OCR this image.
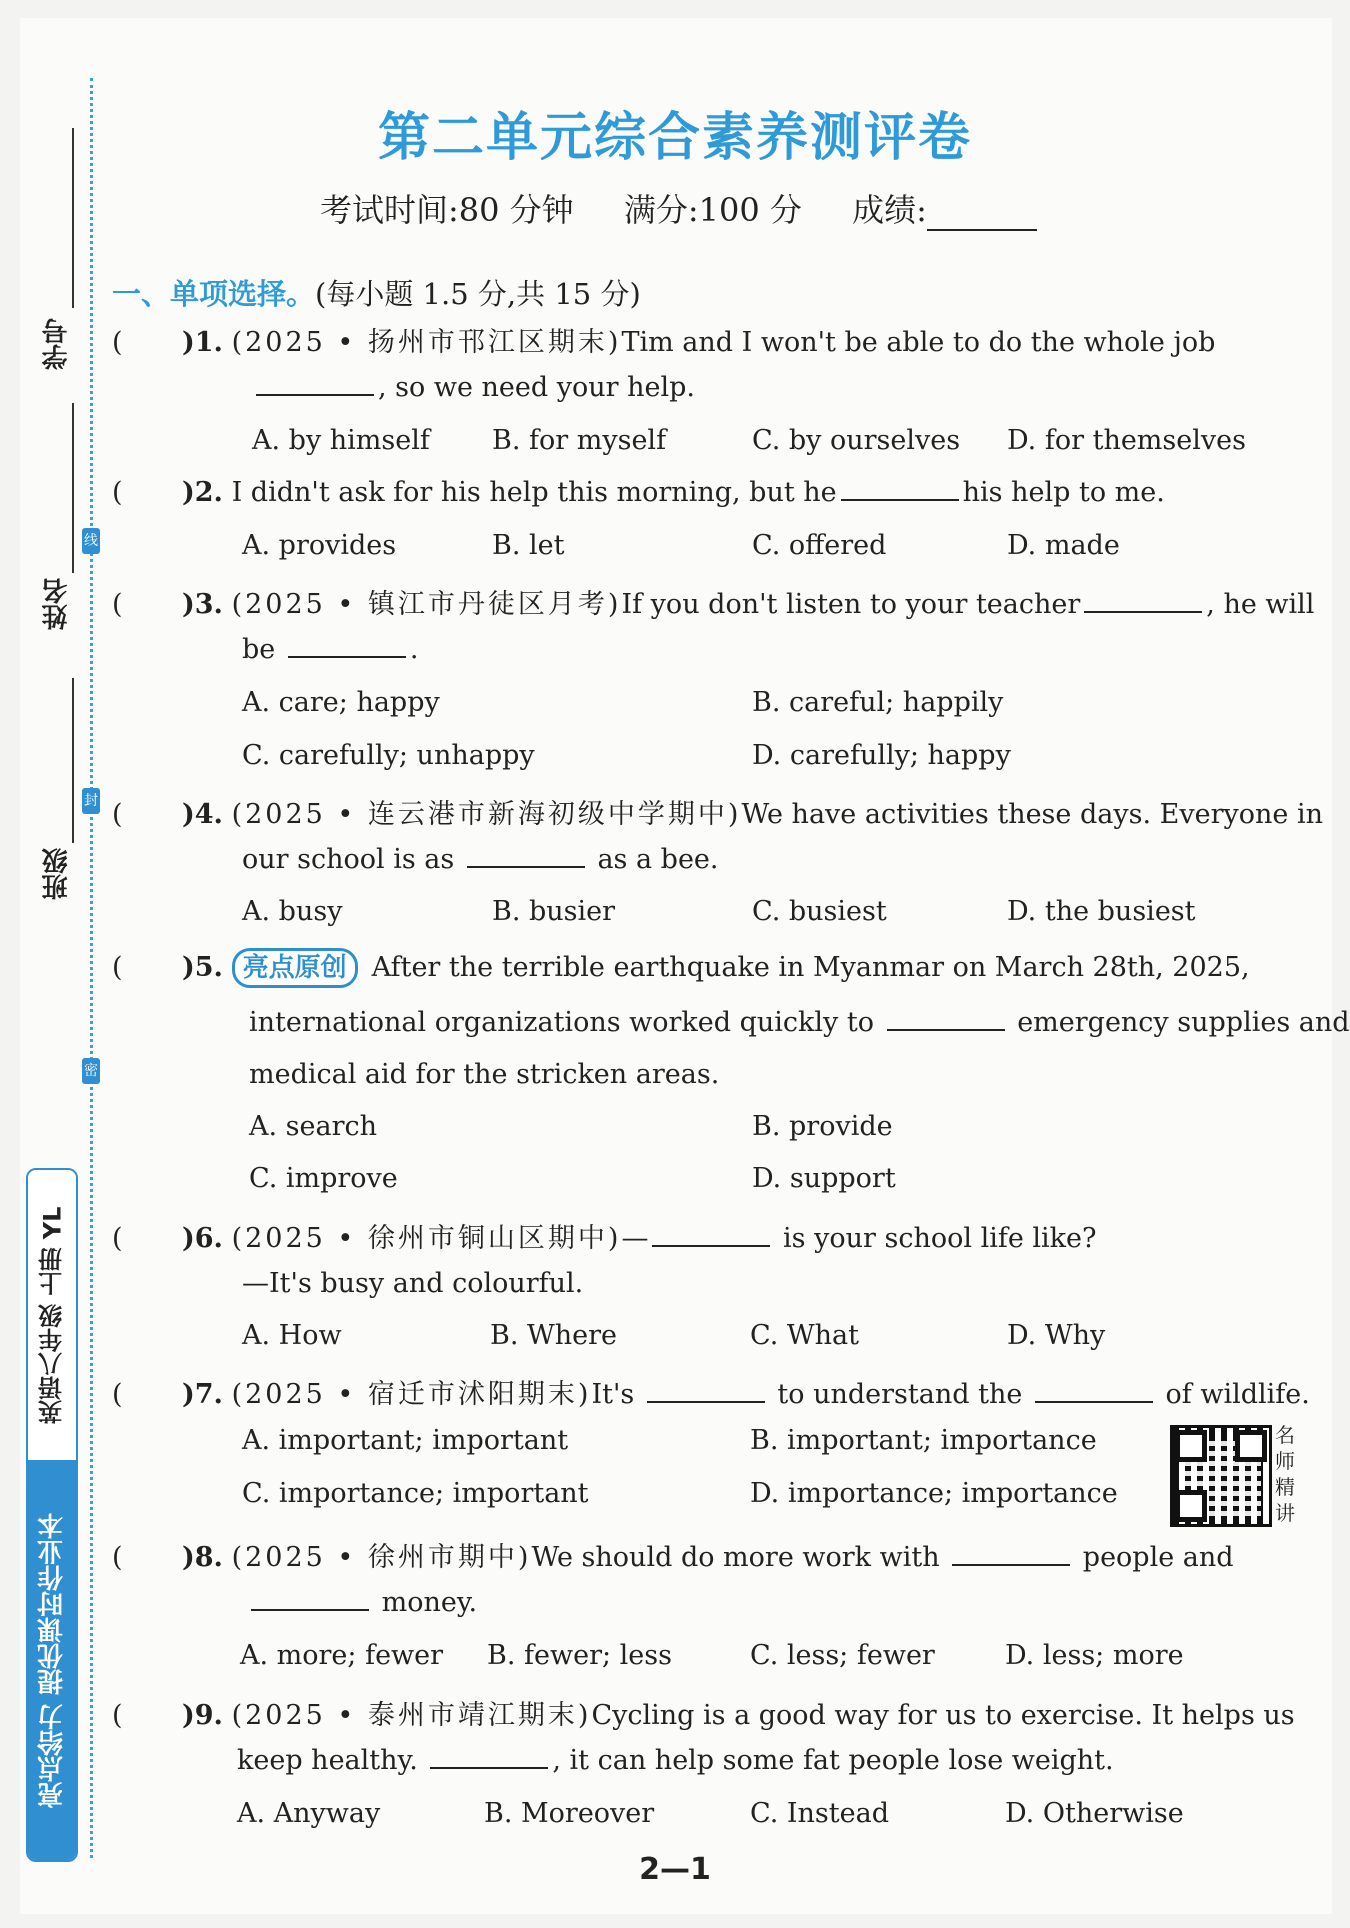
线
封
密
学号
姓名
班级
英语八年级 上册 YL
亮点给力 提优课时作业本
第二单元综合素养测评卷
考试时间:80 分钟 满分:100 分 成绩:
一、单项选择。(每小题 1.5 分,共 15 分)
( )1. (2025 • 扬州市邗江区期末)Tim and I won't be able to do the whole job
, so we need your help.
A. by himself B. for myself	C. by ourselves D. for themselves
( )2. I didn't ask for his help this morning, but he	his help to me.
A. provides	B. let	C. offered	D. made
( )3. (2025 • 镇江市丹徒区月考)If you don't listen to your teacher	, he will
be	.
A. care; happy	B. careful; happily
C. carefully; unhappy	D. carefully; happy
( )4. (2025 • 连云港市新海初级中学期中)We have activities these days. Everyone in
our school is as	as a bee.
A. busy	B. busier	C. busiest	D. the busiest
( )5. 亮点原创 After the terrible earthquake in Myanmar on March 28th, 2025,
international organizations worked quickly to	emergency supplies and
medical aid for the stricken areas.
A. search	B. provide
C. improve	D. support
( )6. (2025 • 徐州市铜山区期中)—	is your school life like?
—It's busy and colourful.
A. How	B. Where	C. What	D. Why
( )7. (2025 • 宿迁市沭阳期末)It's	to understand the	of wildlife.
A. important; important	B. important; importance
C. importance; important	D. importance; importance
( )8. (2025 • 徐州市期中)We should do more work with	people and
money.
A. more; fewer B. fewer; less	C. less; fewer	D. less; more
( )9. (2025 • 泰州市靖江期末)Cycling is a good way for us to exercise. It helps us
keep healthy.	, it can help some fat people lose weight.
A. Anyway	B. Moreover	C. Instead	D. Otherwise
名师精讲
2—1
